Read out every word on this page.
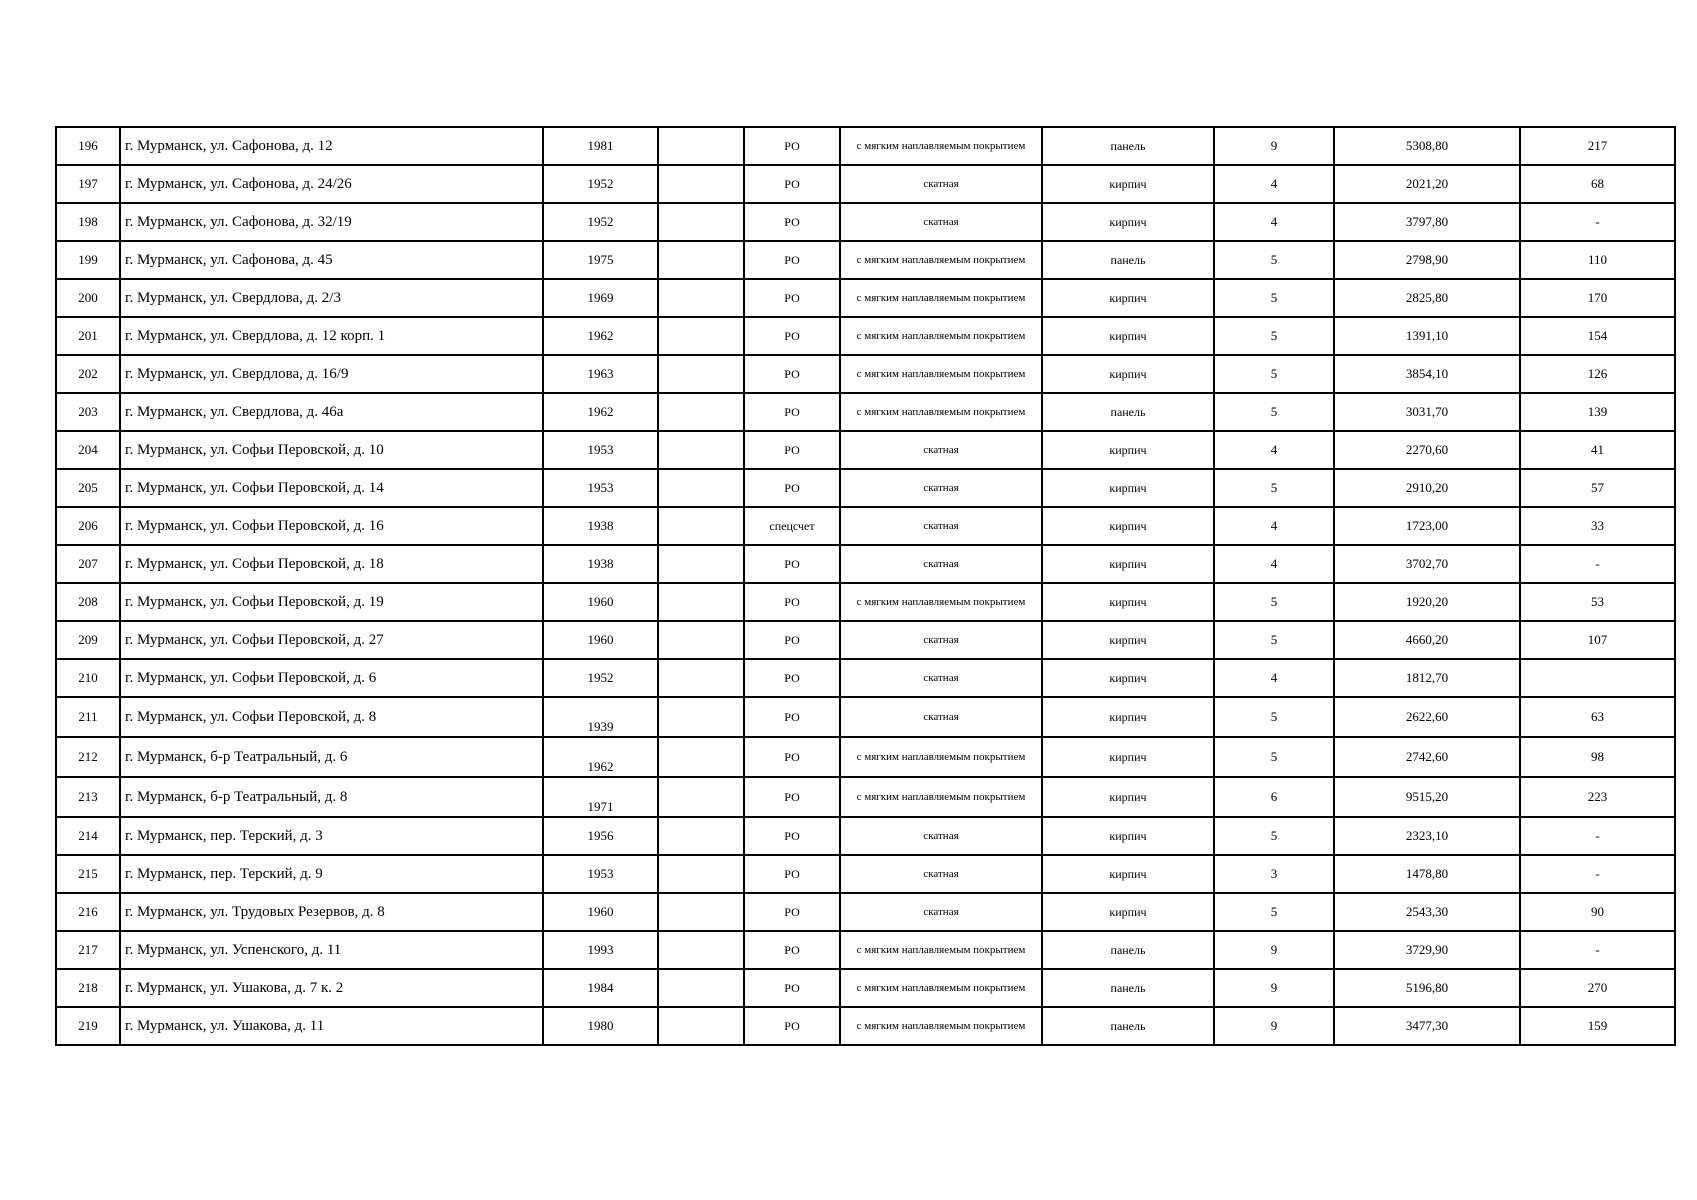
196	г. Мурманск, ул. Сафонова, д. 12	1981		РО	с мягким наплавляемым покрытием	панель	9	5308,80	217
197	г. Мурманск, ул. Сафонова, д. 24/26	1952		РО	скатная	кирпич	4	2021,20	68
198	г. Мурманск, ул. Сафонова, д. 32/19	1952		РО	скатная	кирпич	4	3797,80	-
199	г. Мурманск, ул. Сафонова, д. 45	1975		РО	с мягким наплавляемым покрытием	панель	5	2798,90	110
200	г. Мурманск, ул. Свердлова, д. 2/3	1969		РО	с мягким наплавляемым покрытием	кирпич	5	2825,80	170
201	г. Мурманск, ул. Свердлова, д. 12 корп. 1	1962		РО	с мягким наплавляемым покрытием	кирпич	5	1391,10	154
202	г. Мурманск, ул. Свердлова, д. 16/9	1963		РО	с мягким наплавляемым покрытием	кирпич	5	3854,10	126
203	г. Мурманск, ул. Свердлова, д. 46а	1962		РО	с мягким наплавляемым покрытием	панель	5	3031,70	139
204	г. Мурманск, ул. Софьи Перовской, д. 10	1953		РО	скатная	кирпич	4	2270,60	41
205	г. Мурманск, ул. Софьи Перовской, д. 14	1953		РО	скатная	кирпич	5	2910,20	57
206	г. Мурманск, ул. Софьи Перовской, д. 16	1938		спецсчет	скатная	кирпич	4	1723,00	33
207	г. Мурманск, ул. Софьи Перовской, д. 18	1938		РО	скатная	кирпич	4	3702,70	-
208	г. Мурманск, ул. Софьи Перовской, д. 19	1960		РО	с мягким наплавляемым покрытием	кирпич	5	1920,20	53
209	г. Мурманск, ул. Софьи Перовской, д. 27	1960		РО	скатная	кирпич	5	4660,20	107
210	г. Мурманск, ул. Софьи Перовской, д. 6	1952		РО	скатная	кирпич	4	1812,70	
211	г. Мурманск, ул. Софьи Перовской, д. 8	1939		РО	скатная	кирпич	5	2622,60	63
212	г. Мурманск, б-р Театральный, д. 6	1962		РО	с мягким наплавляемым покрытием	кирпич	5	2742,60	98
213	г. Мурманск, б-р Театральный, д. 8	1971		РО	с мягким наплавляемым покрытием	кирпич	6	9515,20	223
214	г. Мурманск, пер. Терский, д. 3	1956		РО	скатная	кирпич	5	2323,10	-
215	г. Мурманск, пер. Терский, д. 9	1953		РО	скатная	кирпич	3	1478,80	-
216	г. Мурманск, ул. Трудовых Резервов, д. 8	1960		РО	скатная	кирпич	5	2543,30	90
217	г. Мурманск, ул. Успенского, д. 11	1993		РО	с мягким наплавляемым покрытием	панель	9	3729,90	-
218	г. Мурманск, ул. Ушакова, д. 7 к. 2	1984		РО	с мягким наплавляемым покрытием	панель	9	5196,80	270
219	г. Мурманск, ул. Ушакова, д. 11	1980		РО	с мягким наплавляемым покрытием	панель	9	3477,30	159
